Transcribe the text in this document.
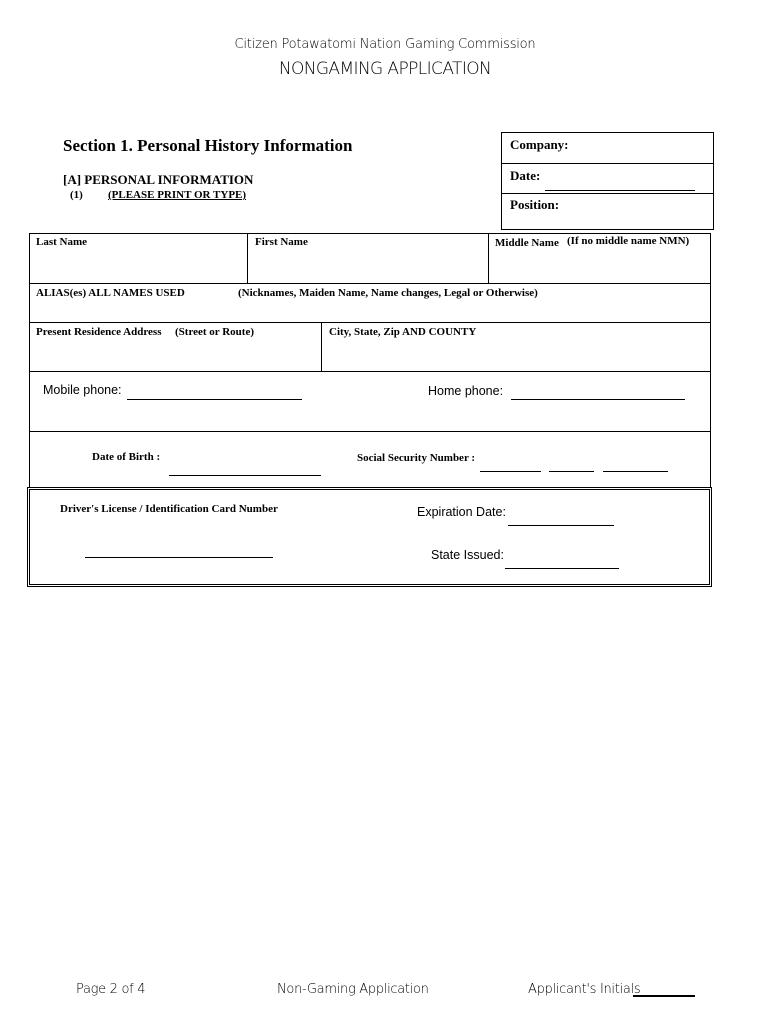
Citizen Potawatomi Nation Gaming Commission
NONGAMING APPLICATION
Section 1. Personal History Information
[A] PERSONAL INFORMATION
(1) (PLEASE PRINT OR TYPE)
Company:
Date:
Position:
Last Name	First Name	Middle Name (If no middle name NMN)
ALIAS(es) ALL NAMES USED	(Nicknames, Maiden Name, Name changes, Legal or Otherwise)
Present Residence Address (Street or Route)	City, State, Zip AND COUNTY
Mobile phone:	Home phone:
Date of Birth :	Social Security Number :
Driver's License / Identification Card Number	Expiration Date:
State Issued:
Page 2 of 4	Non-Gaming Application	Applicant's Initials
